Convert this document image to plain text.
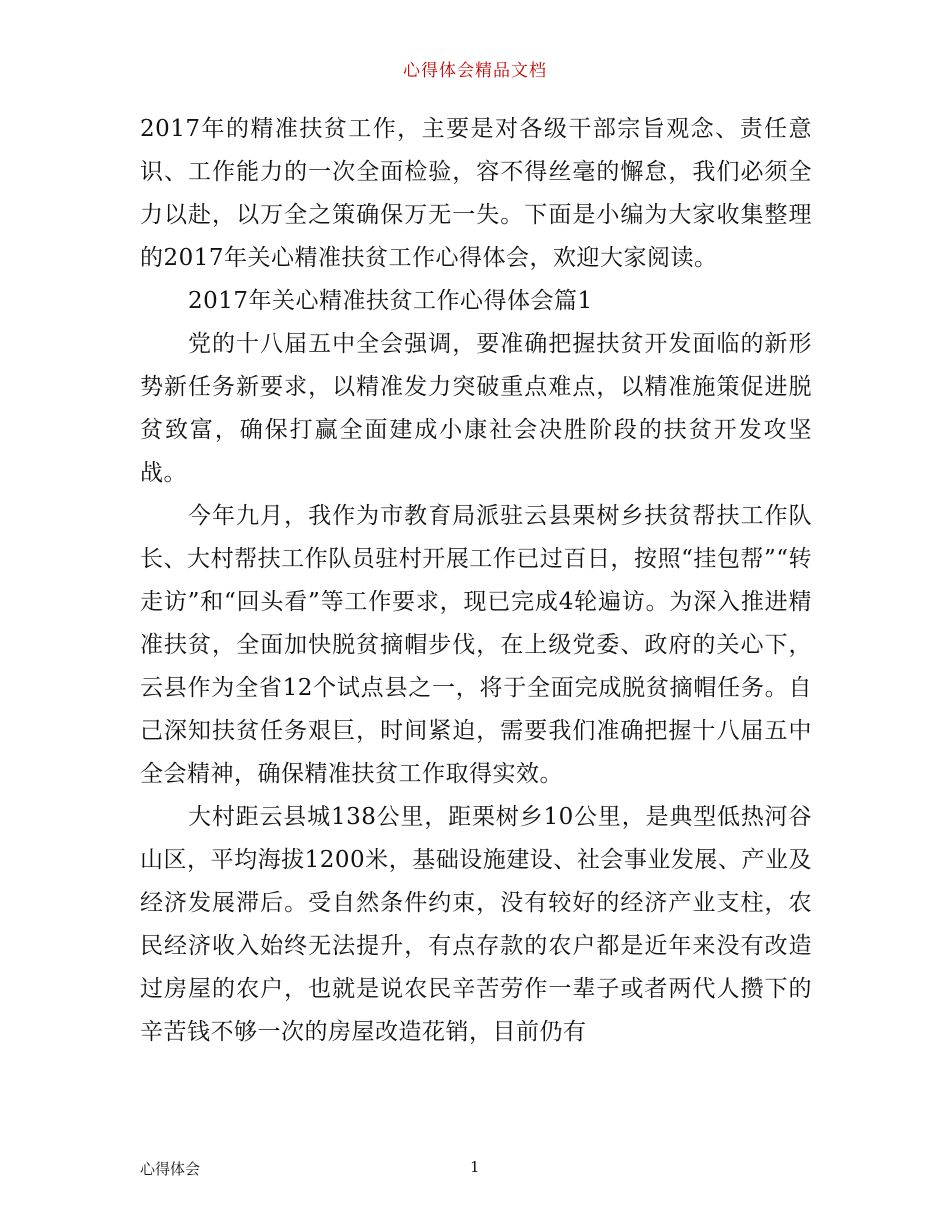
心得体会精品文档

2017年的精准扶贫工作，主要是对各级干部宗旨观念、责任意识、工作能力的一次全面检验，容不得丝毫的懈怠，我们必须全力以赴，以万全之策确保万无一失。下面是小编为大家收集整理的2017年关心精准扶贫工作心得体会，欢迎大家阅读。

2017年关心精准扶贫工作心得体会篇1

党的十八届五中全会强调，要准确把握扶贫开发面临的新形势新任务新要求，以精准发力突破重点难点，以精准施策促进脱贫致富，确保打赢全面建成小康社会决胜阶段的扶贫开发攻坚战。

今年九月，我作为市教育局派驻云县栗树乡扶贫帮扶工作队长、大村帮扶工作队员驻村开展工作已过百日，按照“挂包帮”“转走访”和“回头看”等工作要求，现已完成4轮遍访。为深入推进精准扶贫，全面加快脱贫摘帽步伐，在上级党委、政府的关心下，云县作为全省12个试点县之一，将于全面完成脱贫摘帽任务。自己深知扶贫任务艰巨，时间紧迫，需要我们准确把握十八届五中全会精神，确保精准扶贫工作取得实效。

大村距云县城138公里，距栗树乡10公里，是典型低热河谷山区，平均海拔1200米，基础设施建设、社会事业发展、产业及经济发展滞后。受自然条件约束，没有较好的经济产业支柱，农民经济收入始终无法提升，有点存款的农户都是近年来没有改造过房屋的农户，也就是说农民辛苦劳作一辈子或者两代人攒下的辛苦钱不够一次的房屋改造花销，目前仍有

心得体会	1
